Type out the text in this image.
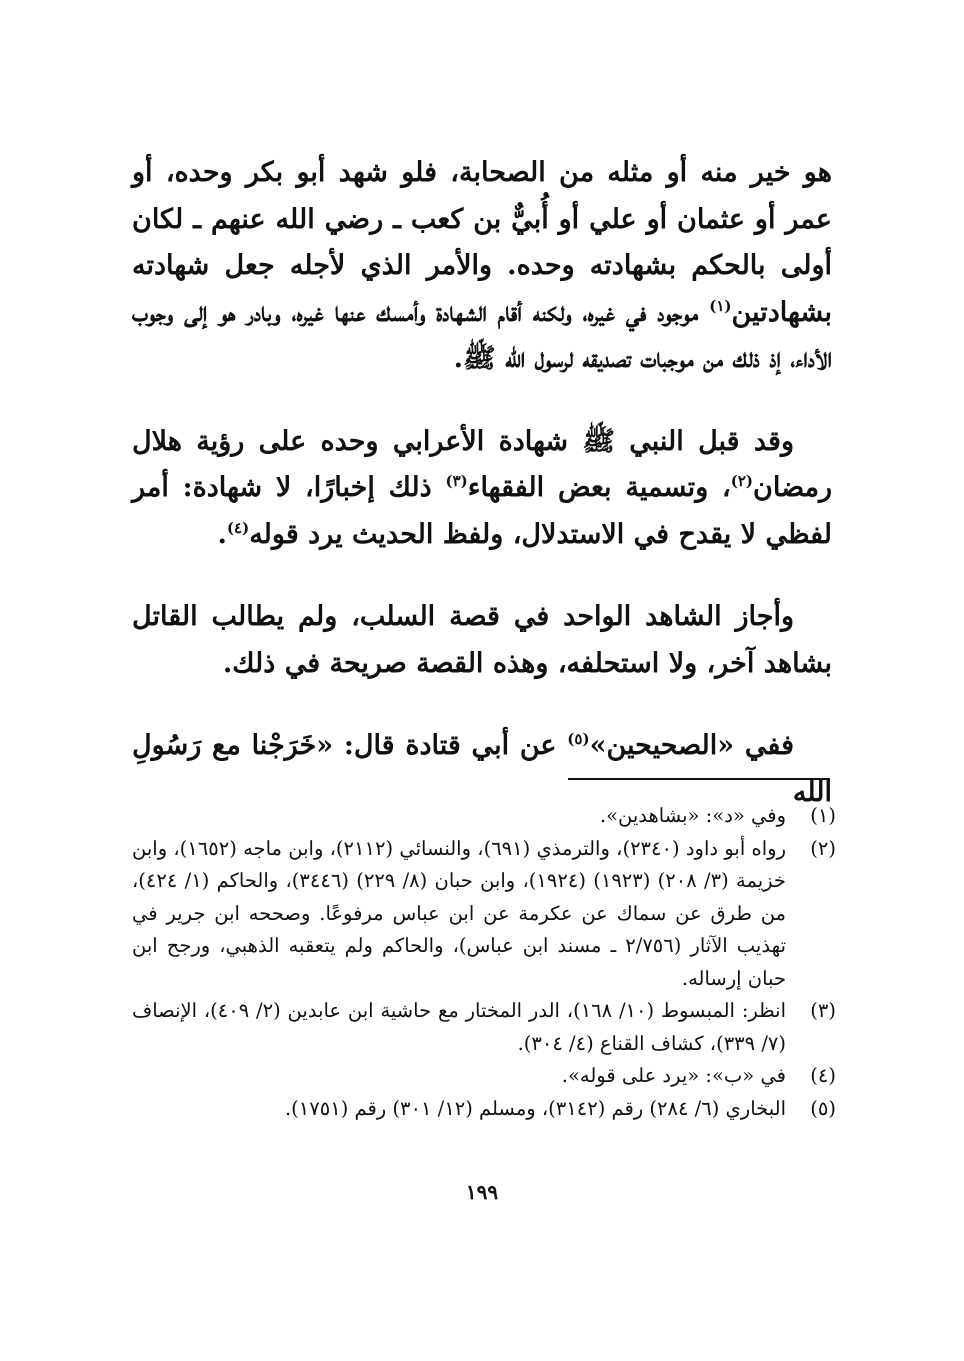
هو خير منه أو مثله من الصحابة، فلو شهد أبو بكر وحده، أو عمر أو عثمان أو علي أو أُبيٌّ بن كعب ـ رضي الله عنهم ـ لكان أولى بالحكم بشهادته وحده. والأمر الذي لأجله جعل شهادته بشهادتين$^{(١)}$ موجود في غيره، ولكنه أقام الشهادة وأمسك عنها غيره، وبادر هو إلى وجوب الأداء، إذ ذلك من موجبات تصديقه لرسول الله ﷺ.

وقد قبل النبي ﷺ شهادة الأعرابي وحده على رؤية هلال رمضان$^{(٢)}$، وتسمية بعض الفقهاء$^{(٣)}$ ذلك إخبارًا، لا شهادة: أمر لفظي لا يقدح في الاستدلال، ولفظ الحديث يرد قوله$^{(٤)}$.

وأجاز الشاهد الواحد في قصة السلب، ولم يطالب القاتل بشاهد آخر، ولا استحلفه، وهذه القصة صريحة في ذلك.

ففي «الصحيحين»$^{(٥)}$ عن أبي قتادة قال: «خَرَجْنا مع رَسُولِ الله

(١)
وفي «د»: «بشاهدين».
(٢)
رواه أبو داود (٢٣٤٠)، والترمذي (٦٩١)، والنسائي (٢١١٢)، وابن ماجه (١٦٥٢)، وابن خزيمة (٣/ ٢٠٨) (١٩٢٣) (١٩٢٤)، وابن حبان (٨/ ٢٢٩) (٣٤٤٦)، والحاكم (١/ ٤٢٤)، من طرق عن سماك عن عكرمة عن ابن عباس مرفوعًا. وصححه ابن جرير في تهذيب الآثار (٢/٧٥٦ ـ مسند ابن عباس)، والحاكم ولم يتعقبه الذهبي، ورجح ابن حبان إرساله.
(٣)
انظر: المبسوط (١٠/ ١٦٨)، الدر المختار مع حاشية ابن عابدين (٢/ ٤٠٩)، الإنصاف (٧/ ٣٣٩)، كشاف القناع (٤/ ٣٠٤).
(٤)
في «ب»: «يرد على قوله».
(٥)
البخاري (٦/ ٢٨٤) رقم (٣١٤٢)، ومسلم (١٢/ ٣٠١) رقم (١٧٥١).
١٩٩
